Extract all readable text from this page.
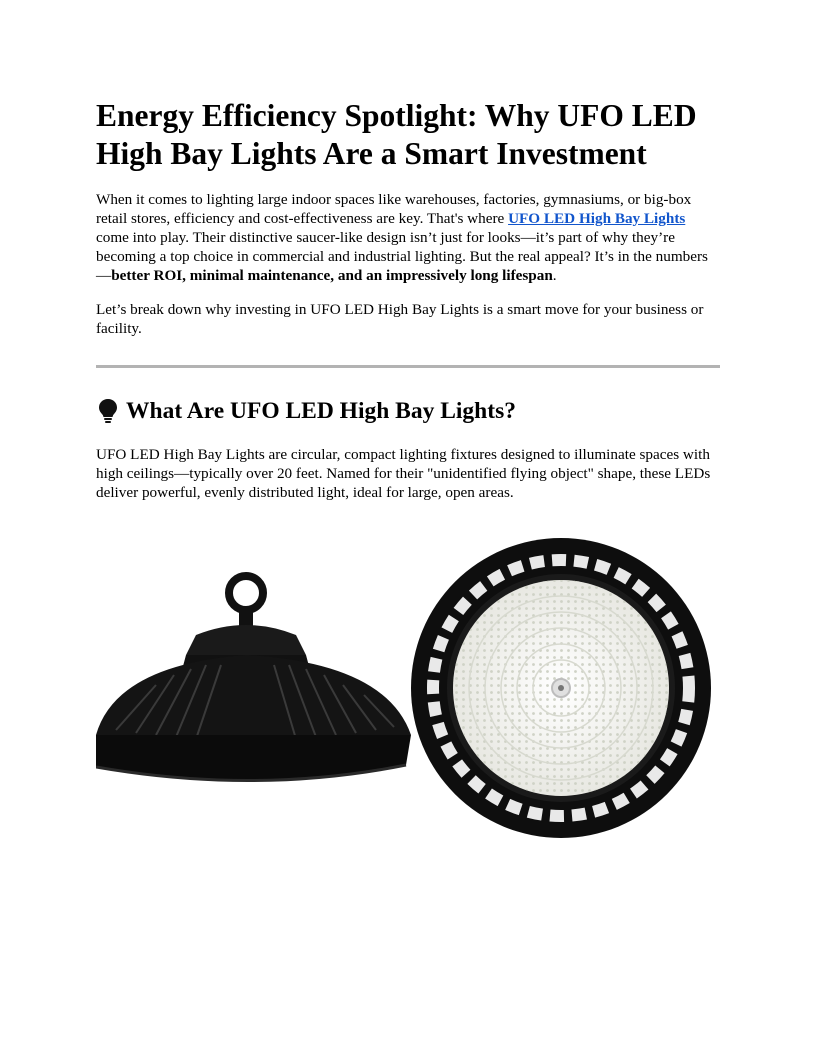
Energy Efficiency Spotlight: Why UFO LED High Bay Lights Are a Smart Investment

When it comes to lighting large indoor spaces like warehouses, factories, gymnasiums, or big-box retail stores, efficiency and cost-effectiveness are key. That's where UFO LED High Bay Lights come into play. Their distinctive saucer-like design isn’t just for looks—it’s part of why they’re becoming a top choice in commercial and industrial lighting. But the real appeal? It’s in the numbers—better ROI, minimal maintenance, and an impressively long lifespan.

Let’s break down why investing in UFO LED High Bay Lights is a smart move for your business or facility.

What Are UFO LED High Bay Lights?

UFO LED High Bay Lights are circular, compact lighting fixtures designed to illuminate spaces with high ceilings—typically over 20 feet. Named for their "unidentified flying object" shape, these LEDs deliver powerful, evenly distributed light, ideal for large, open areas.
